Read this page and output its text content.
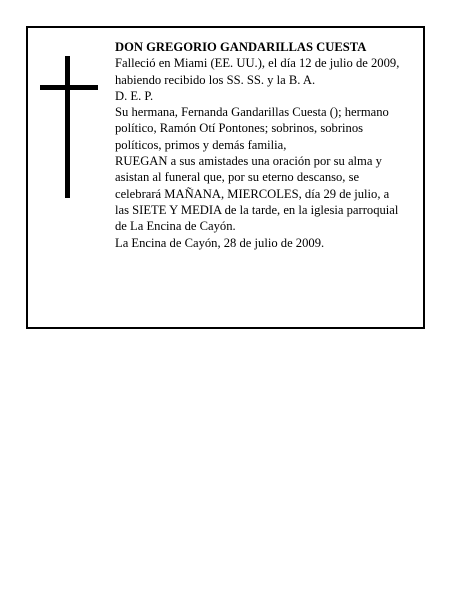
DON GREGORIO GANDARILLAS CUESTA

Falleció en Miami (EE. UU.), el día 12 de julio de 2009,

habiendo recibido los SS. SS. y la B. A.

D. E. P.

Su hermana, Fernanda Gandarillas Cuesta (); hermano político, Ramón Otí Pontones; sobrinos, sobrinos políticos, primos y demás familia,

RUEGAN a sus amistades una oración por su alma y asistan al funeral que, por su eterno descanso, se celebrará MAÑANA, MIERCOLES, día 29 de julio, a las SIETE Y MEDIA de la tarde, en la iglesia parroquial de La Encina de Cayón.

La Encina de Cayón, 28 de julio de 2009.
